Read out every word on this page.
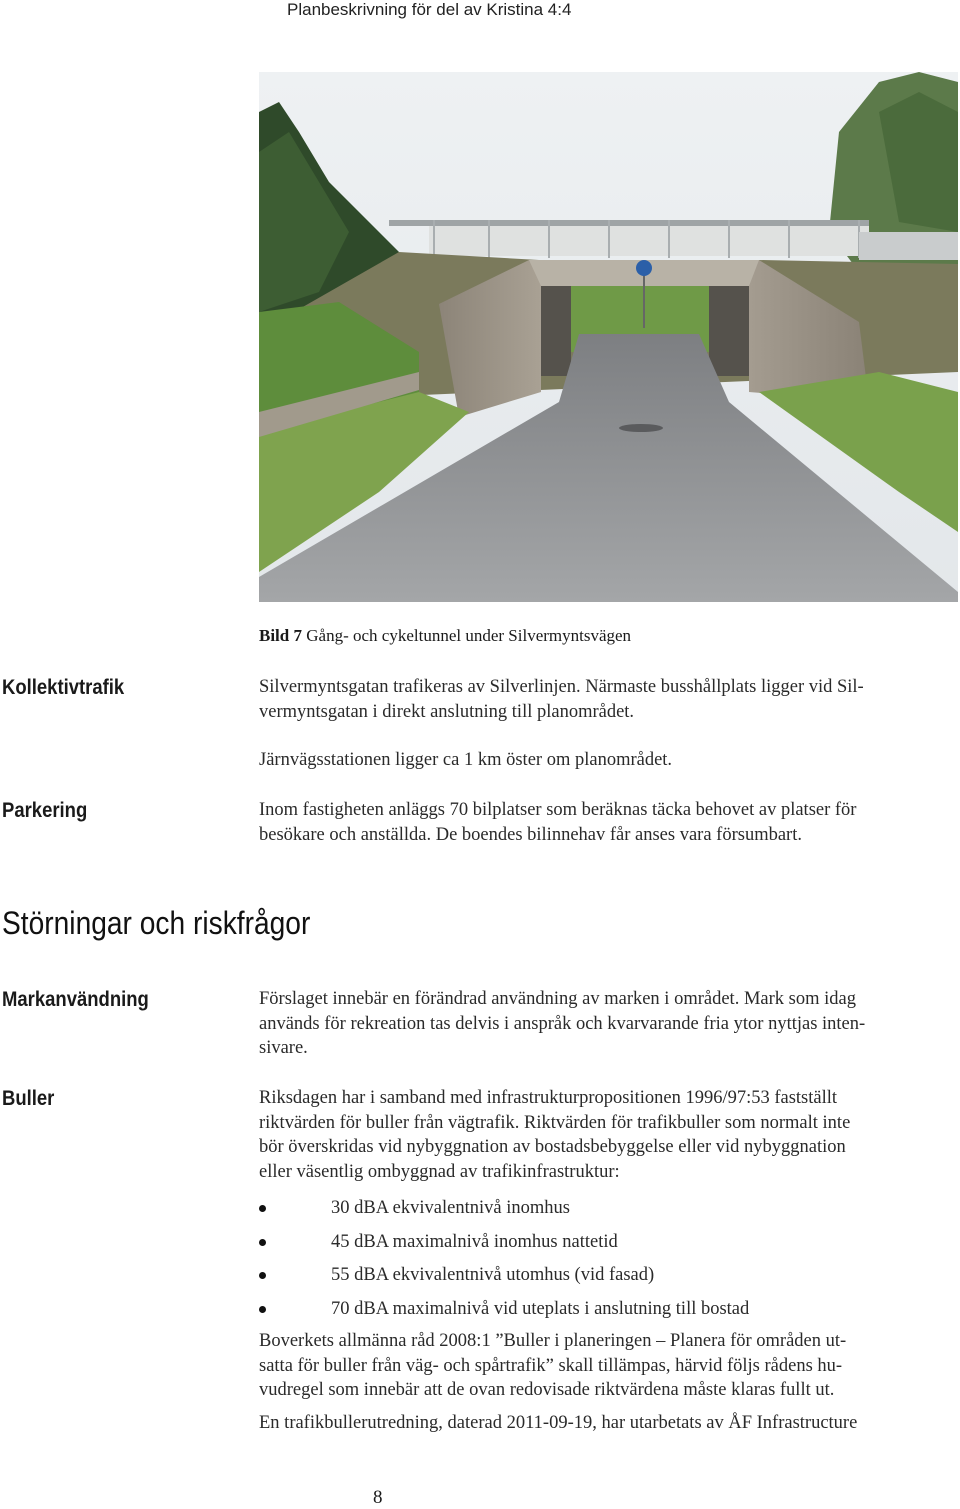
Planbeskrivning för del av Kristina 4:4
Bild 7 Gång- och cykeltunnel under Silvermyntsvägen
Kollektivtrafik	Silvermyntsgatan trafikeras av Silverlinjen. Närmaste busshållplats ligger vid Sil-
vermyntsgatan i direkt anslutning till planområdet.
Järnvägsstationen ligger ca 1 km öster om planområdet.
Parkering	Inom fastigheten anläggs 70 bilplatser som beräknas täcka behovet av platser för
besökare och anställda. De boendes bilinnehav får anses vara försumbart.
Störningar och riskfrågor
Markanvändning	Förslaget innebär en förändrad användning av marken i området. Mark som idag
används för rekreation tas delvis i anspråk och kvarvarande fria ytor nyttjas inten-
sivare.
Buller	Riksdagen har i samband med infrastrukturpropositionen 1996/97:53 fastställt
riktvärden för buller från vägtrafik. Riktvärden för trafikbuller som normalt inte
bör överskridas vid nybyggnation av bostadsbebyggelse eller vid nybyggnation
eller väsentlig ombyggnad av trafikinfrastruktur:
30 dBA ekvivalentnivå inomhus
45 dBA maximalnivå inomhus nattetid
55 dBA ekvivalentnivå utomhus (vid fasad)
70 dBA maximalnivå vid uteplats i anslutning till bostad
Boverkets allmänna råd 2008:1 ”Buller i planeringen – Planera för områden ut-
satta för buller från väg- och spårtrafik” skall tillämpas, härvid följs rådens hu-
vudregel som innebär att de ovan redovisade riktvärdena måste klaras fullt ut.
En trafikbullerutredning, daterad 2011-09-19, har utarbetats av ÅF Infrastructure
8
